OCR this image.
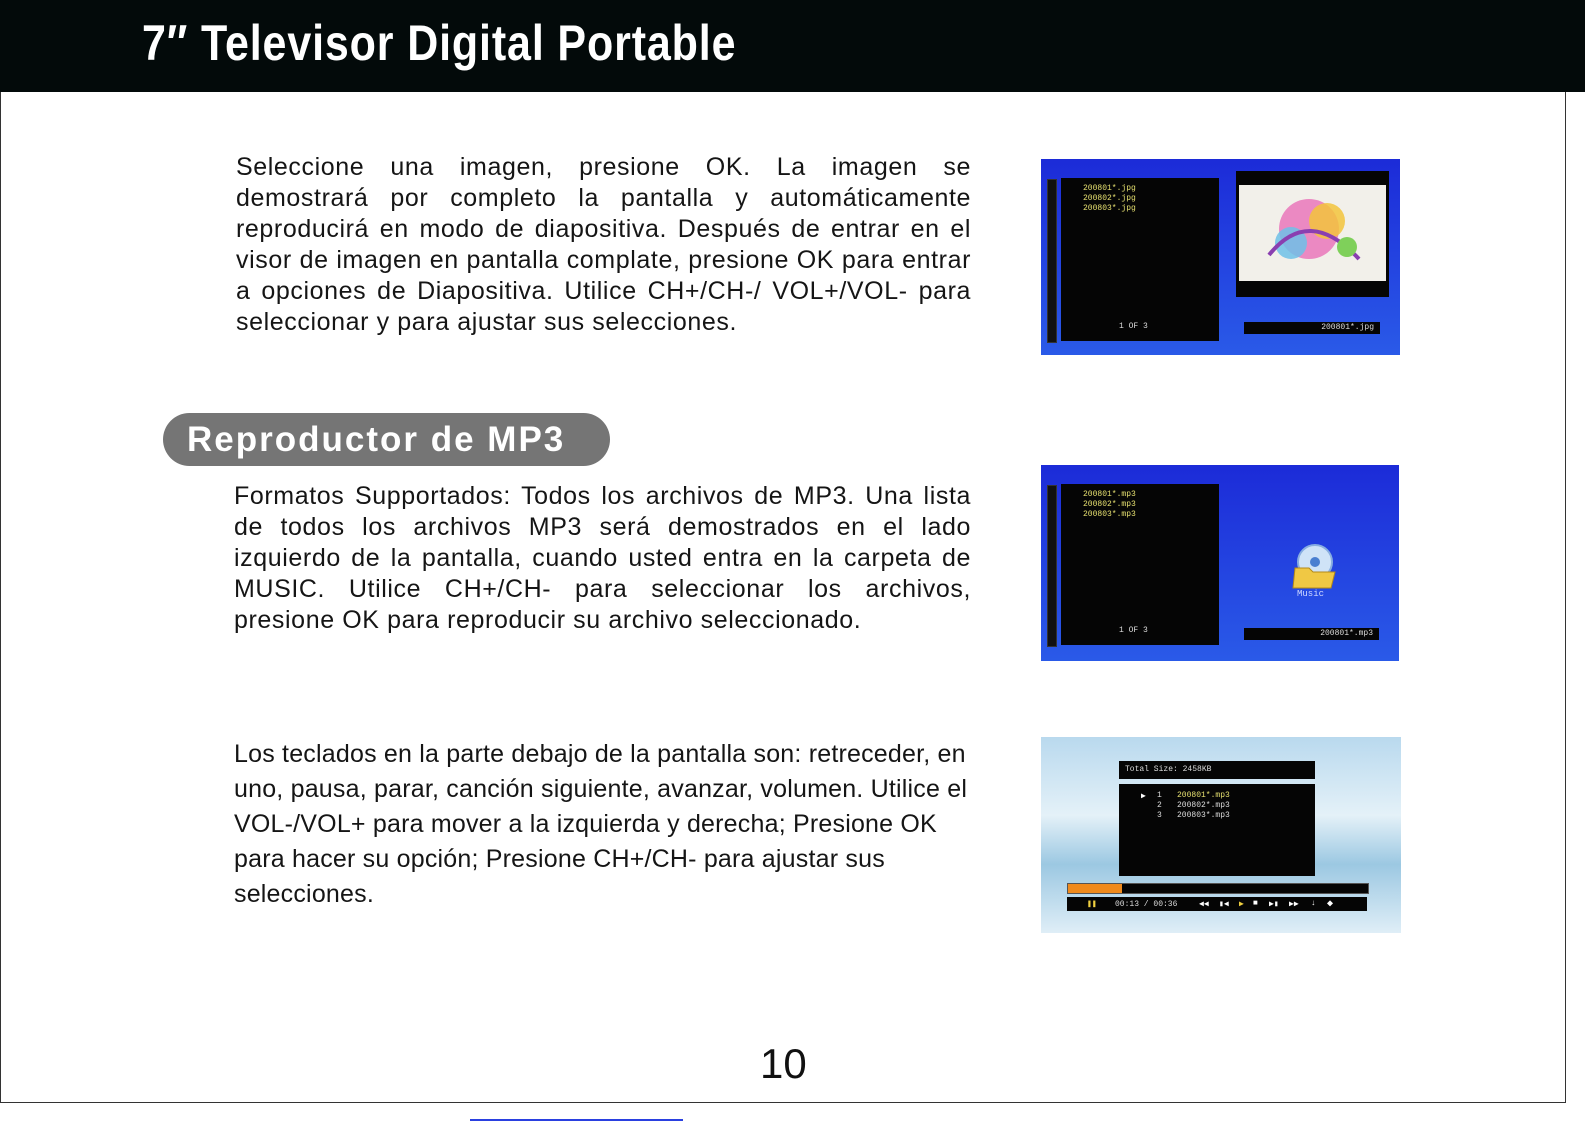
7″ Televisor Digital Portable

Seleccione una imagen, presione OK. La imagen se demostrará por completo la pantalla y automáticamente reproducirá en modo de diapositiva. Después de entrar en el visor de imagen en pantalla complate, presione OK para entrar a opciones de Diapositiva. Utilice CH+/CH-/ VOL+/VOL- para seleccionar y para ajustar sus selecciones.

200801*.jpg
200802*.jpg
200803*.jpg
1 OF 3	200801*.jpg
Reproductor de MP3

Formatos Supportados: Todos los archivos de MP3. Una lista de todos los archivos MP3 será demostrados en el lado izquierdo de la pantalla, cuando usted entra en la carpeta de MUSIC. Utilice CH+/CH- para seleccionar los archivos, presione OK para reproducir su archivo seleccionado.

200801*.mp3
200802*.mp3
200803*.mp3
1 OF 3
Music
200801*.mp3

Los teclados en la parte debajo de la pantalla son: retreceder, en uno, pausa, parar, canción siguiente, avanzar, volumen. Utilice el VOL-/VOL+ para mover a la izquierda y derecha; Presione OK para hacer su opción; Presione CH+/CH- para ajustar sus selecciones.

Total Size: 2458KB
▶ 1 200801*.mp3
2 200802*.mp3
3 200803*.mp3
❚❚ 00:13 / 00:36	◀◀ ▮◀ ▶ ■ ▶▮ ▶▶ ↓ ◆
10
